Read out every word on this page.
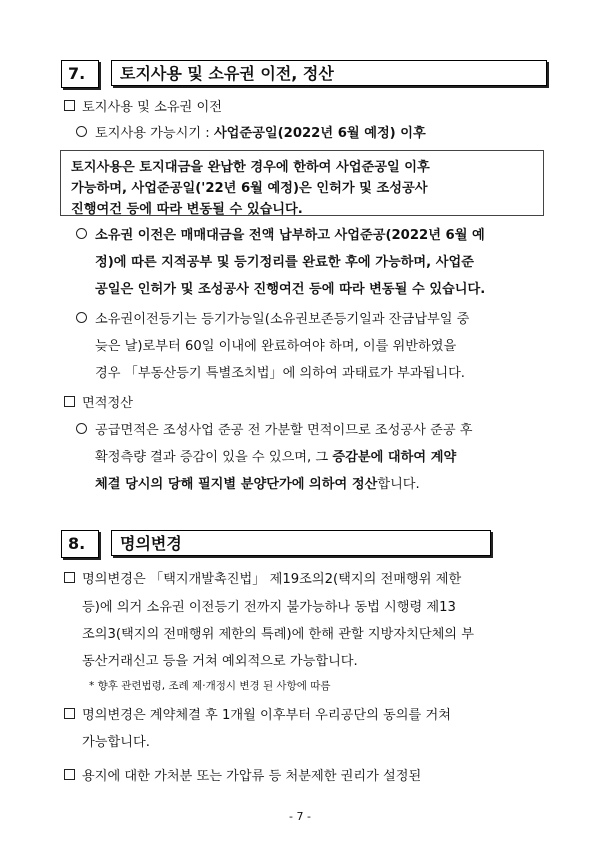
7.	토지사용 및 소유권 이전, 정산
토지사용 및 소유권 이전
토지사용 가능시기 : 사업준공일(2022년 6월 예정) 이후
토지사용은 토지대금을 완납한 경우에 한하여 사업준공일 이후
가능하며, 사업준공일('22년 6월 예정)은 인허가 및 조성공사
진행여건 등에 따라 변동될 수 있습니다.
소유권 이전은 매매대금을 전액 납부하고 사업준공(2022년 6월 예
정)에 따른 지적공부 및 등기정리를 완료한 후에 가능하며, 사업준
공일은 인허가 및 조성공사 진행여건 등에 따라 변동될 수 있습니다.
소유권이전등기는 등기가능일(소유권보존등기일과 잔금납부일 중
늦은 날)로부터 60일 이내에 완료하여야 하며, 이를 위반하였을
경우 「부동산등기 특별조치법」에 의하여 과태료가 부과됩니다.
면적정산
공급면적은 조성사업 준공 전 가분할 면적이므로 조성공사 준공 후
확정측량 결과 증감이 있을 수 있으며, 그 증감분에 대하여 계약
체결 당시의 당해 필지별 분양단가에 의하여 정산합니다.
8.	명의변경
명의변경은 「택지개발촉진법」 제19조의2(택지의 전매행위 제한
등)에 의거 소유권 이전등기 전까지 불가능하나 동법 시행령 제13
조의3(택지의 전매행위 제한의 특례)에 한해 관할 지방자치단체의 부
동산거래신고 등을 거쳐 예외적으로 가능합니다.
* 향후 관련법령, 조례 제·개정시 변경 된 사항에 따름
명의변경은 계약체결 후 1개월 이후부터 우리공단의 동의를 거쳐
가능합니다.
용지에 대한 가처분 또는 가압류 등 처분제한 권리가 설정된
- 7 -
